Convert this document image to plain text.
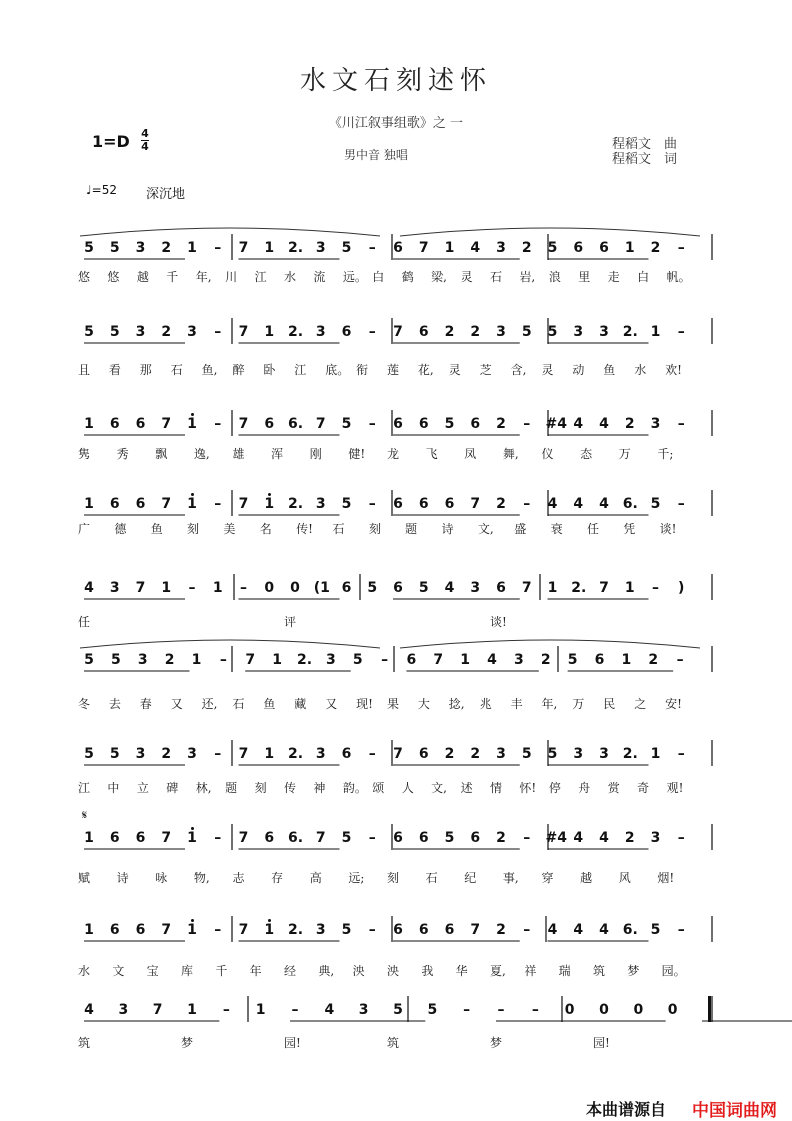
水文石刻述怀
《川江叙事组歌》之 一
1=D 4
4
男中音 独唱
程稻文　曲
程稻文　词
♩=52 深沉地
5 5 3 2 1 – 7 1 2. 3 5 – 6 7 1 4 3 2 5 6 6 1 2 –
悠 悠 越 千 年, 川 江 水 流 远。 白 鹤 梁, 灵 石 岩, 浪 里 走 白 帆。
5 5 3 2 3 – 7 1 2. 3 6 – 7 6 2 2 3 5 5 3 3 2. 1 –
且 看 那 石 鱼, 醉 卧 江 底。 衔 莲 花, 灵 芝 含, 灵 动 鱼 水 欢!
1 6 6 7 1 – 7 6 6. 7 5 – 6 6 5 6 2 – #4 4 4 2 3 –
隽 秀 飘 逸, 雄 浑 刚 健! 龙 飞 凤 舞, 仪 态 万 千;
1 6 6 7 1 – 7 1 2. 3 5 – 6 6 6 7 2 – 4 4 4 6. 5 –
广 德 鱼 刻 美 名 传! 石 刻 题 诗 文, 盛 衰 任 凭 谈!
4 3 7 1 – 1 – 0 0 (1 6 5 6 5 4 3 6 7 1 2. 7 1 – )
任	评	谈!
5 5 3 2 1 – 7 1 2. 3 5 – 6 7 1 4 3 2 5 6 1 2 –
冬 去 春 又 还, 石 鱼 藏 又 现! 果 大 捻, 兆 丰 年, 万 民 之 安!
5 5 3 2 3 – 7 1 2. 3 6 – 7 6 2 2 3 5 5 3 3 2. 1 –
江 中 立 碑 林, 题 刻 传 神 韵。 颂 人 文, 述 情 怀! 停 舟 赏 奇 观!
1 6 6 7 1 – 7 6 6. 7 5 – 6 6 5 6 2 – #4 4 4 2 3 –
𝄋
赋 诗 咏 物, 志 存 高 远; 刻 石 纪 事, 穿 越 风 烟!
1 6 6 7 1 – 7 1 2. 3 5 – 6 6 6 7 2 – 4 4 4 6. 5 –
水 文 宝 库 千 年 经 典, 泱 泱 我 华 夏, 祥 瑞 筑 梦 园。
4 3 7 1 – 1 – 4 3 5 5 – – – 0 0 0 0
筑	梦	园!	筑	梦	园!
本曲谱源自 中国词曲网
